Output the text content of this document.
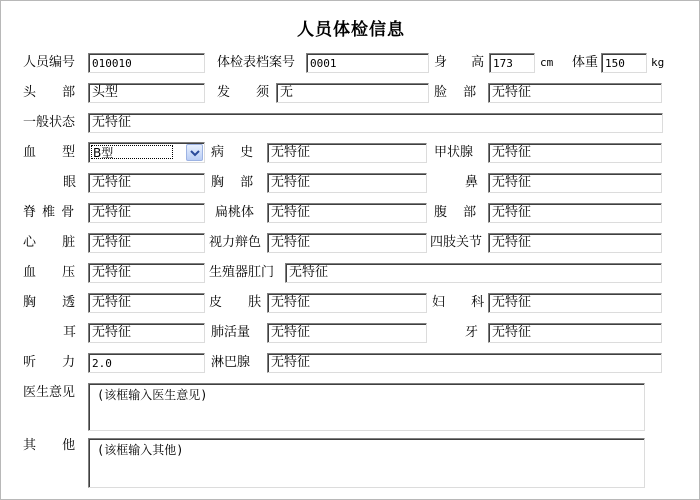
人员体检信息
人员编号	010010	体检表档案号	0001	身 高 173	cm 体重 150	kg
头 部	头型	发 须 无	脸 部	无特征
一般状态	无特征
血 型 B型	病 史	无特征	甲状腺	无特征
眼	无特征	胸 部	无特征	鼻	无特征
脊 椎 骨	无特征	扁桃体	无特征	腹 部	无特征
心 脏	无特征	视力辩色 无特征	四肢关节 无特征
血 压	无特征	生殖器肛门	无特征
胸 透	无特征	皮 肤 无特征	妇 科 无特征
耳	无特征	肺活量	无特征	牙	无特征
听 力	2.0	淋巴腺	无特征
医生意见	(该框输入医生意见)
其 他	(该框输入其他)
